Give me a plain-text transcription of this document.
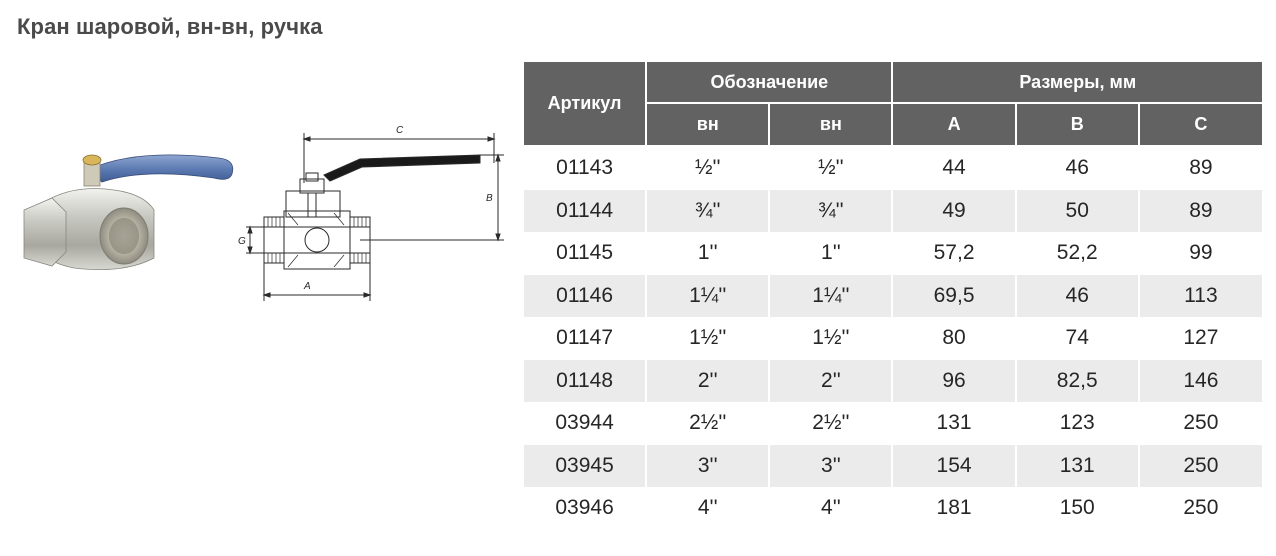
Кран шаровой, вн-вн, ручка
C
B
G
A
Артикул	Обозначение		Размеры, мм		
	вн	вн	A	B	C
01143	½''	½''	44	46	89
01144	¾''	¾''	49	50	89
01145	1''	1''	57,2	52,2	99
01146	1¼''	1¼''	69,5	46	113
01147	1½''	1½''	80	74	127
01148	2''	2''	96	82,5	146
03944	2½''	2½''	131	123	250
03945	3''	3''	154	131	250
03946	4''	4''	181	150	250
